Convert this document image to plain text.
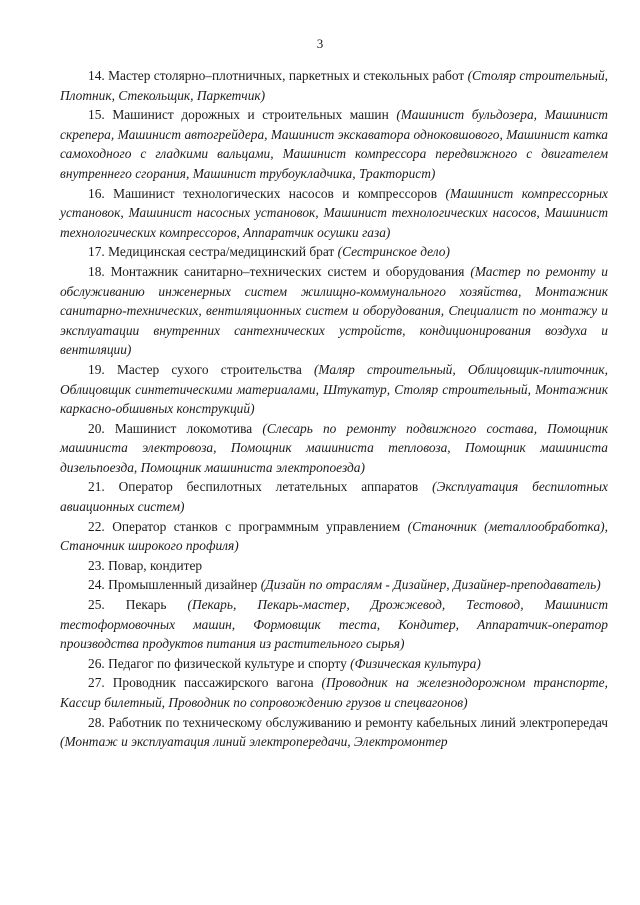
3

14. Мастер столярно–плотничных, паркетных и стекольных работ (Столяр строительный, Плотник, Стекольщик, Паркетчик)

15. Машинист дорожных и строительных машин (Машинист бульдозера, Машинист скрепера, Машинист автогрейдера, Машинист экскаватора одноковшового, Машинист катка самоходного с гладкими вальцами, Машинист компрессора передвижного с двигателем внутреннего сгорания, Машинист трубоукладчика, Тракторист)

16. Машинист технологических насосов и компрессоров (Машинист компрессорных установок, Машинист насосных установок, Машинист технологических насосов, Машинист технологических компрессоров, Аппаратчик осушки газа)

17. Медицинская сестра/медицинский брат (Сестринское дело)

18. Монтажник санитарно–технических систем и оборудования (Мастер по ремонту и обслуживанию инженерных систем жилищно-коммунального хозяйства, Монтажник санитарно-технических, вентиляционных систем и оборудования, Специалист по монтажу и эксплуатации внутренних сантехнических устройств, кондиционирования воздуха и вентиляции)

19. Мастер сухого строительства (Маляр строительный, Облицовщик-плиточник, Облицовщик синтетическими материалами, Штукатур, Столяр строительный, Монтажник каркасно-обшивных конструкций)

20. Машинист локомотива (Слесарь по ремонту подвижного состава, Помощник машиниста электровоза, Помощник машиниста тепловоза, Помощник машиниста дизельпоезда, Помощник машиниста электропоезда)

21. Оператор беспилотных летательных аппаратов (Эксплуатация беспилотных авиационных систем)

22. Оператор станков с программным управлением (Станочник (металлообработка), Станочник широкого профиля)

23. Повар, кондитер

24. Промышленный дизайнер (Дизайн по отраслям - Дизайнер, Дизайнер-преподаватель)

25. Пекарь (Пекарь, Пекарь-мастер, Дрожжевод, Тестовод, Машинист тестоформовочных машин, Формовщик теста, Кондитер, Аппаратчик-оператор производства продуктов питания из растительного сырья)

26. Педагог по физической культуре и спорту (Физическая культура)

27. Проводник пассажирского вагона (Проводник на железнодорожном транспорте, Кассир билетный, Проводник по сопровождению грузов и спецвагонов)

28. Работник по техническому обслуживанию и ремонту кабельных линий электропередач (Монтаж и эксплуатация линий электропередачи, Электромонтер
